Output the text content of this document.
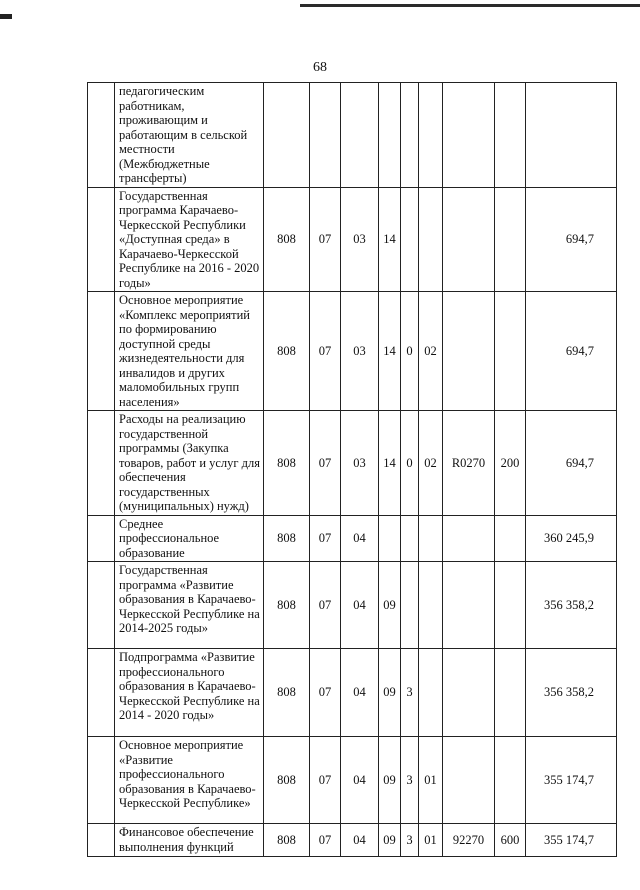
68
	педагогическим работникам, проживающим и работающим в сельской местности (Межбюджетные трансферты)									
	Государственная программа Карачаево-Черкесской Республики «Доступная среда» в Карачаево-Черкесской Республике на 2016 - 2020 годы»	808	07	03	14					694,7
	Основное мероприятие «Комплекс мероприятий по формированию доступной среды жизнедеятельности для инвалидов и других маломобильных групп населения»	808	07	03	14	0	02			694,7
	Расходы на реализацию государственной программы (Закупка товаров, работ и услуг для обеспечения государственных (муниципальных) нужд)	808	07	03	14	0	02	R0270	200	694,7
	Среднее профессиональное образование	808	07	04						360 245,9
	Государственная программа «Развитие образования в Карачаево-Черкесской Республике на 2014-2025 годы»	808	07	04	09					356 358,2
	Подпрограмма «Развитие профессионального образования в Карачаево-Черкесской Республике на 2014 - 2020 годы»	808	07	04	09	3				356 358,2
	Основное мероприятие «Развитие профессионального образования в Карачаево-Черкесской Республике»	808	07	04	09	3	01			355 174,7
	Финансовое обеспечение выполнения функций	808	07	04	09	3	01	92270	600	355 174,7
